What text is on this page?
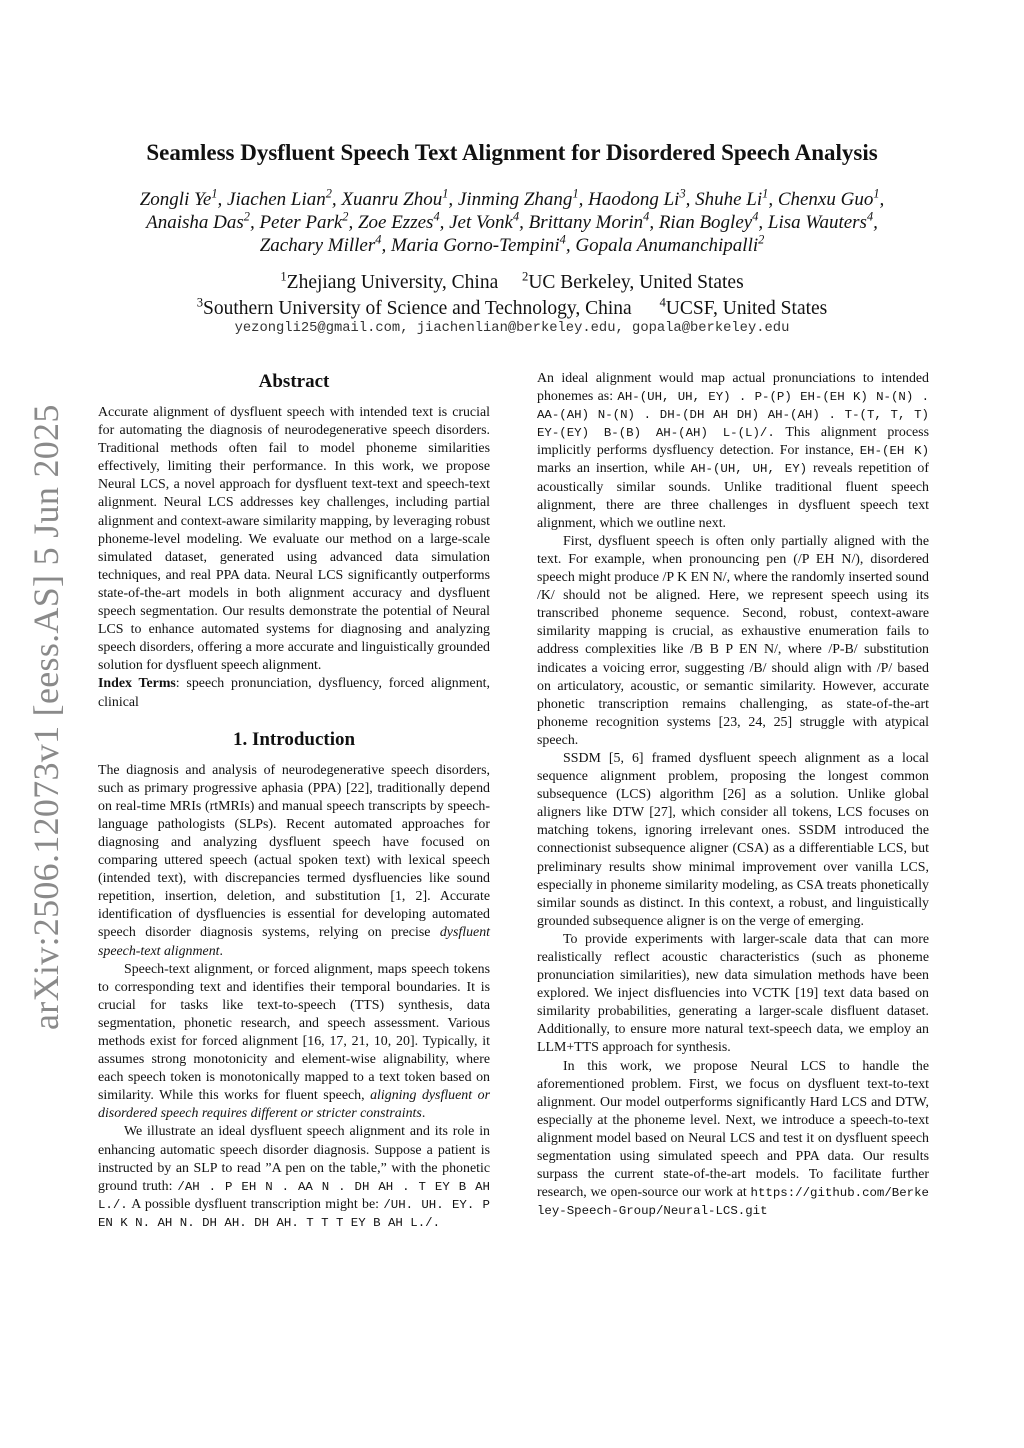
arXiv:2506.12073v1 [eess.AS] 5 Jun 2025
Seamless Dysfluent Speech Text Alignment for Disordered Speech Analysis
Zongli Ye$^1$, Jiachen Lian$^2$, Xuanru Zhou$^1$, Jinming Zhang$^1$, Haodong Li$^3$, Shuhe Li$^1$, Chenxu Guo$^1$,
Anaisha Das$^2$, Peter Park$^2$, Zoe Ezzes$^4$, Jet Vonk$^4$, Brittany Morin$^4$, Rian Bogley$^4$, Lisa Wauters$^4$,
Zachary Miller$^4$, Maria Gorno-Tempini$^4$, Gopala Anumanchipalli$^2$
$^1$Zhejiang University, China $^2$UC Berkeley, United States
$^3$Southern University of Science and Technology, China $^4$UCSF, United States
yezongli25@gmail.com, jiachenlian@berkeley.edu, gopala@berkeley.edu
Abstract

Accurate alignment of dysfluent speech with intended text is crucial for automating the diagnosis of neurodegenerative speech disorders. Traditional methods often fail to model phoneme similarities effectively, limiting their performance. In this work, we propose Neural LCS, a novel approach for dysfluent text-text and speech-text alignment. Neural LCS addresses key challenges, including partial alignment and context-aware similarity mapping, by leveraging robust phoneme-level modeling. We evaluate our method on a large-scale simulated dataset, generated using advanced data simulation techniques, and real PPA data. Neural LCS significantly outperforms state-of-the-art models in both alignment accuracy and dysfluent speech segmentation. Our results demonstrate the potential of Neural LCS to enhance automated systems for diagnosing and analyzing speech disorders, offering a more accurate and linguistically grounded solution for dysfluent speech alignment.

Index Terms: speech pronunciation, dysfluency, forced alignment, clinical

1. Introduction

The diagnosis and analysis of neurodegenerative speech disorders, such as primary progressive aphasia (PPA) [22], traditionally depend on real-time MRIs (rtMRIs) and manual speech transcripts by speech-language pathologists (SLPs). Recent automated approaches for diagnosing and analyzing dysfluent speech have focused on comparing uttered speech (actual spoken text) with lexical speech (intended text), with discrepancies termed dysfluencies like sound repetition, insertion, deletion, and substitution [1, 2]. Accurate identification of dysfluencies is essential for developing automated speech disorder diagnosis systems, relying on precise dysfluent speech-text alignment.

Speech-text alignment, or forced alignment, maps speech tokens to corresponding text and identifies their temporal boundaries. It is crucial for tasks like text-to-speech (TTS) synthesis, data segmentation, phonetic research, and speech assessment. Various methods exist for forced alignment [16, 17, 21, 10, 20]. Typically, it assumes strong monotonicity and element-wise alignability, where each speech token is monotonically mapped to a text token based on similarity. While this works for fluent speech, aligning dysfluent or disordered speech requires different or stricter constraints.

We illustrate an ideal dysfluent speech alignment and its role in enhancing automatic speech disorder diagnosis. Suppose a patient is instructed by an SLP to read ”A pen on the table,” with the phonetic ground truth: /AH . P EH N . AA N . DH AH . T EY B AH L./. A possible dysfluent transcription might be: /UH. UH. EY. P EN K N. AH N. DH AH. DH AH. T T T EY B AH L./.

An ideal alignment would map actual pronunciations to intended phonemes as: AH-(UH, UH, EY) . P-(P) EH-(EH K) N-(N) . AA-(AH) N-(N) . DH-(DH AH DH) AH-(AH) . T-(T, T, T) EY-(EY) B-(B) AH-(AH) L-(L)/. This alignment process implicitly performs dysfluency detection. For instance, EH-(EH K) marks an insertion, while AH-(UH, UH, EY) reveals repetition of acoustically similar sounds. Unlike traditional fluent speech alignment, there are three challenges in dysfluent speech text alignment, which we outline next.

First, dysfluent speech is often only partially aligned with the text. For example, when pronouncing pen (/P EH N/), disordered speech might produce /P K EN N/, where the randomly inserted sound /K/ should not be aligned. Here, we represent speech using its transcribed phoneme sequence. Second, robust, context-aware similarity mapping is crucial, as exhaustive enumeration fails to address complexities like /B B P EN N/, where /P-B/ substitution indicates a voicing error, suggesting /B/ should align with /P/ based on articulatory, acoustic, or semantic similarity. However, accurate phonetic transcription remains challenging, as state-of-the-art phoneme recognition systems [23, 24, 25] struggle with atypical speech.

SSDM [5, 6] framed dysfluent speech alignment as a local sequence alignment problem, proposing the longest common subsequence (LCS) algorithm [26] as a solution. Unlike global aligners like DTW [27], which consider all tokens, LCS focuses on matching tokens, ignoring irrelevant ones. SSDM introduced the connectionist subsequence aligner (CSA) as a differentiable LCS, but preliminary results show minimal improvement over vanilla LCS, especially in phoneme similarity modeling, as CSA treats phonetically similar sounds as distinct. In this context, a robust, and linguistically grounded subsequence aligner is on the verge of emerging.

To provide experiments with larger-scale data that can more realistically reflect acoustic characteristics (such as phoneme pronunciation similarities), new data simulation methods have been explored. We inject disfluencies into VCTK [19] text data based on similarity probabilities, generating a larger-scale disfluent dataset. Additionally, to ensure more natural text-speech data, we employ an LLM+TTS approach for synthesis.

In this work, we propose Neural LCS to handle the aforementioned problem. First, we focus on dysfluent text-to-text alignment. Our model outperforms significantly Hard LCS and DTW, especially at the phoneme level. Next, we introduce a speech-to-text alignment model based on Neural LCS and test it on dysfluent speech segmentation using simulated speech and PPA data. Our results surpass the current state-of-the-art models. To facilitate further research, we open-source our work at https://github.com/Berkeley-Speech-Group/Neural-LCS.git
